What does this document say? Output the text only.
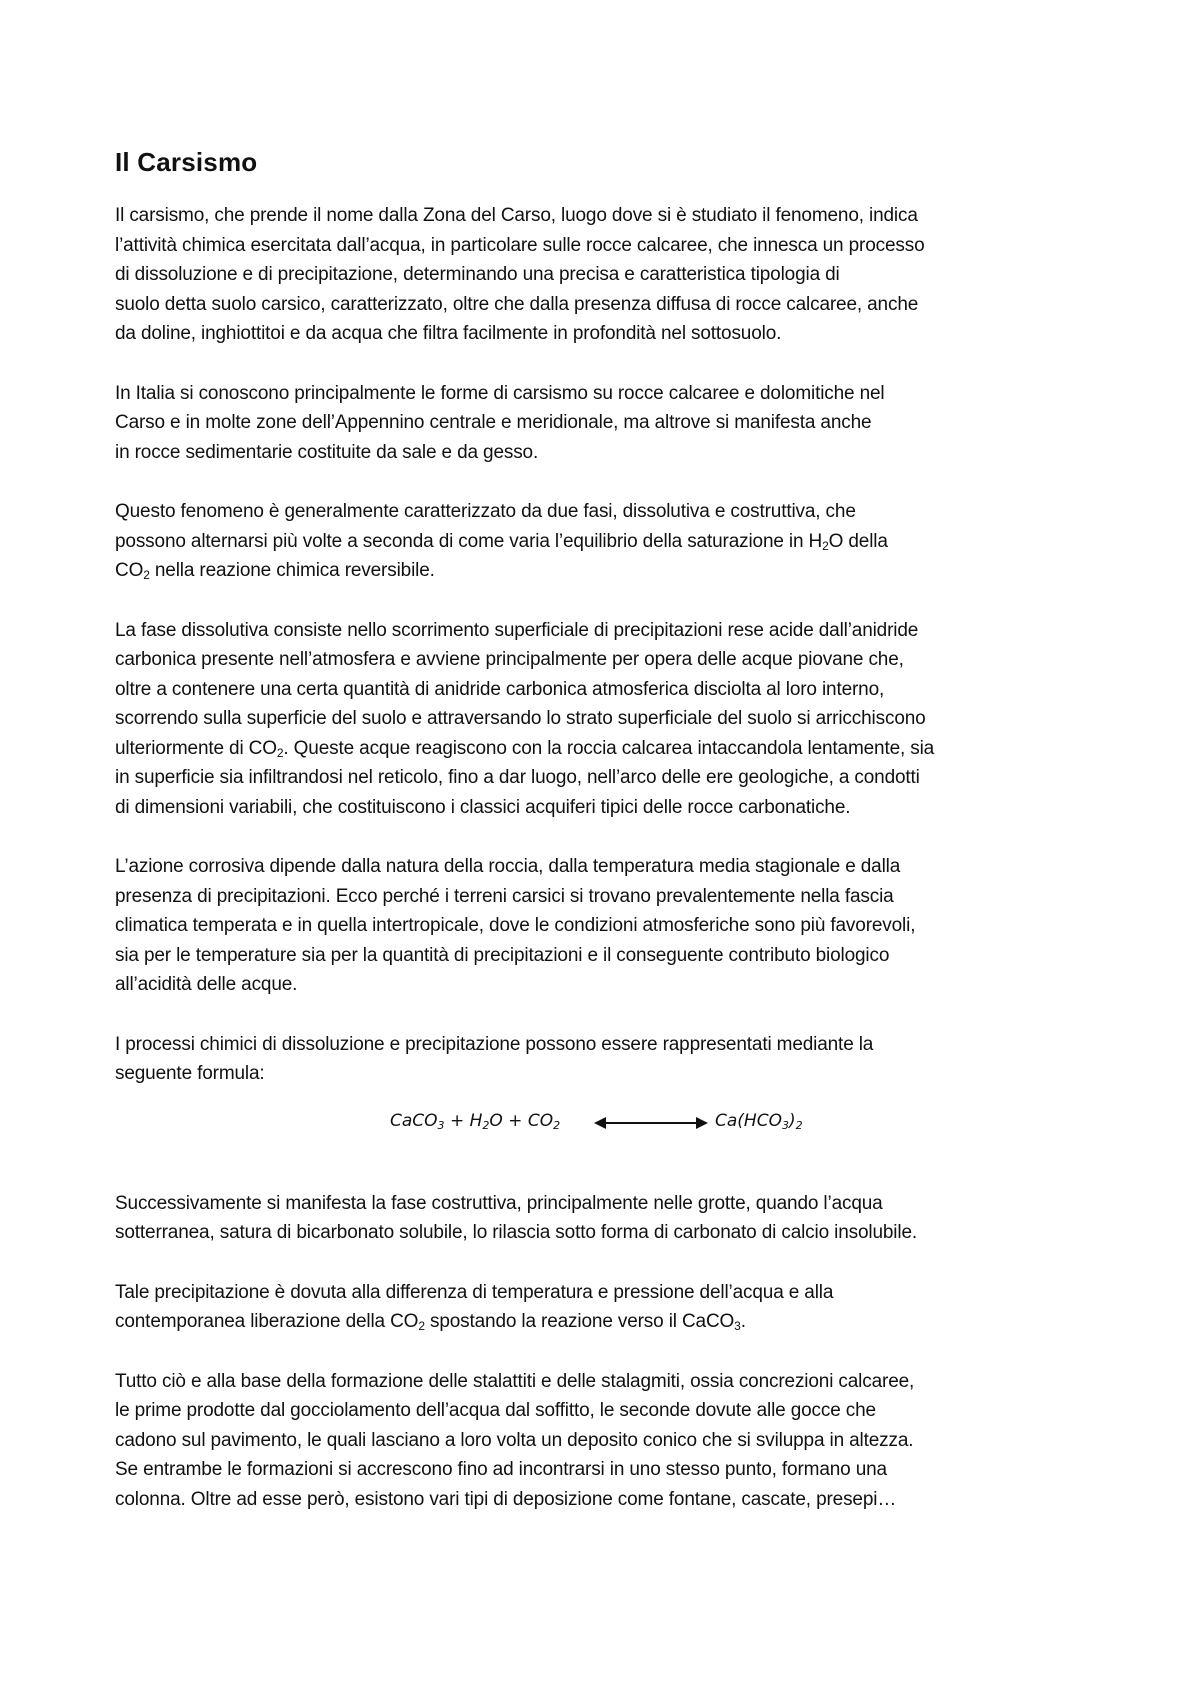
Il Carsismo
Il carsismo, che prende il nome dalla Zona del Carso, luogo dove si è studiato il fenomeno, indica
l’attività chimica esercitata dall’acqua, in particolare sulle rocce calcaree, che innesca un processo
di dissoluzione e di precipitazione, determinando una precisa e caratteristica tipologia di
suolo detta suolo carsico, caratterizzato, oltre che dalla presenza diffusa di rocce calcaree, anche
da doline, inghiottitoi e da acqua che filtra facilmente in profondità nel sottosuolo.
In Italia si conoscono principalmente le forme di carsismo su rocce calcaree e dolomitiche nel
Carso e in molte zone dell’Appennino centrale e meridionale, ma altrove si manifesta anche
in rocce sedimentarie costituite da sale e da gesso.
Questo fenomeno è generalmente caratterizzato da due fasi, dissolutiva e costruttiva, che
possono alternarsi più volte a seconda di come varia l’equilibrio della saturazione in $H_2O$ della
$CO_2$ nella reazione chimica reversibile.
La fase dissolutiva consiste nello scorrimento superficiale di precipitazioni rese acide dall’anidride
carbonica presente nell’atmosfera e avviene principalmente per opera delle acque piovane che,
oltre a contenere una certa quantità di anidride carbonica atmosferica disciolta al loro interno,
scorrendo sulla superficie del suolo e attraversando lo strato superficiale del suolo si arricchiscono
ulteriormente di $CO_2$. Queste acque reagiscono con la roccia calcarea intaccandola lentamente, sia
in superficie sia infiltrandosi nel reticolo, fino a dar luogo, nell’arco delle ere geologiche, a condotti
di dimensioni variabili, che costituiscono i classici acquiferi tipici delle rocce carbonatiche.
L’azione corrosiva dipende dalla natura della roccia, dalla temperatura media stagionale e dalla
presenza di precipitazioni. Ecco perché i terreni carsici si trovano prevalentemente nella fascia
climatica temperata e in quella intertropicale, dove le condizioni atmosferiche sono più favorevoli,
sia per le temperature sia per la quantità di precipitazioni e il conseguente contributo biologico
all’acidità delle acque.
I processi chimici di dissoluzione e precipitazione possono essere rappresentati mediante la
seguente formula:
CaCO$_3$ + $H_2O + CO_2$	$Ca(HCO_3)_2$
Successivamente si manifesta la fase costruttiva, principalmente nelle grotte, quando l’acqua
sotterranea, satura di bicarbonato solubile, lo rilascia sotto forma di carbonato di calcio insolubile.
Tale precipitazione è dovuta alla differenza di temperatura e pressione dell’acqua e alla
contemporanea liberazione della $CO_2$ spostando la reazione verso il CaCO$_3$.
Tutto ciò e alla base della formazione delle stalattiti e delle stalagmiti, ossia concrezioni calcaree,
le prime prodotte dal gocciolamento dell’acqua dal soffitto, le seconde dovute alle gocce che
cadono sul pavimento, le quali lasciano a loro volta un deposito conico che si sviluppa in altezza.
Se entrambe le formazioni si accrescono fino ad incontrarsi in uno stesso punto, formano una
colonna. Oltre ad esse però, esistono vari tipi di deposizione come fontane, cascate, presepi…
